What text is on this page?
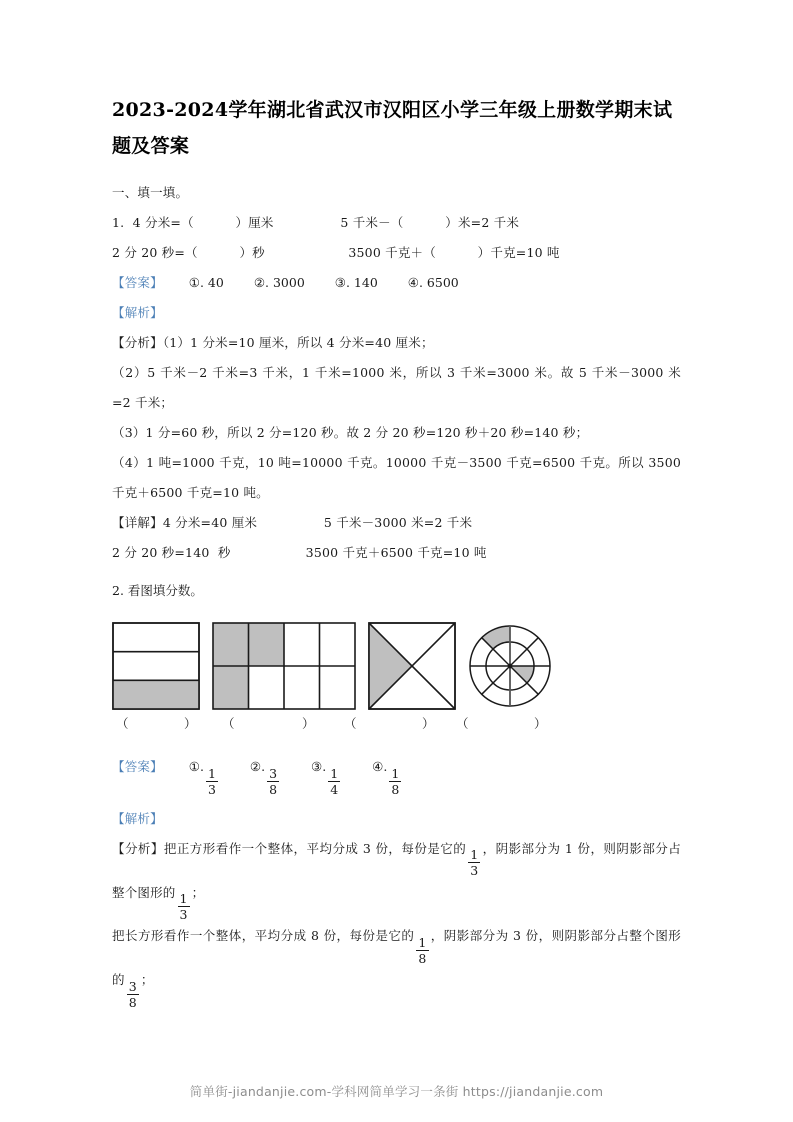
2023-2024学年湖北省武汉市汉阳区小学三年级上册数学期末试题及答案
一、填一填。
1.  4 分米=（          ）厘米                5 千米－（          ）米=2 千米
2 分 20 秒=（          ）秒                    3500 千克＋（          ）千克=10 吨
【答案】 ①. 40 ②. 3000 ③. 140 ④. 6500
【解析】
【分析】（1）1 分米=10 厘米，所以 4 分米=40 厘米；
（2）5 千米－2 千米=3 千米，1 千米=1000 米，所以 3 千米=3000 米。故 5 千米－3000 米=2 千米；
（3）1 分=60 秒，所以 2 分=120 秒。故 2 分 20 秒=120 秒＋20 秒=140 秒；
（4）1 吨=1000 千克，10 吨=10000 千克。10000 千克－3500 千克=6500 千克。所以 3500 千克＋6500 千克=10 吨。
【详解】4 分米=40 厘米                5 千米－3000 米=2 千米
2 分 20 秒=140  秒                  3500 千克＋6500 千克=10 吨
2. 看图填分数。
（	） （	） （	） （	）
【答案】 ①. $\frac{1}{3}$	②. $\frac{3}{8}$	③. $\frac{1}{4}$	④. $\frac{1}{8}$
【解析】
【分析】把正方形看作一个整体，平均分成 3 份，每份是它的 $\frac{1}{3}$ ，阴影部分为 1 份，则阴影部分占整个图形的 $\frac{1}{3}$ ；
把长方形看作一个整体，平均分成 8 份，每份是它的 $\frac{1}{8}$ ，阴影部分为 3 份，则阴影部分占整个图形的 $\frac{3}{8}$ ；
简单街-jiandanjie.com-学科网简单学习一条街 https://jiandanjie.com
